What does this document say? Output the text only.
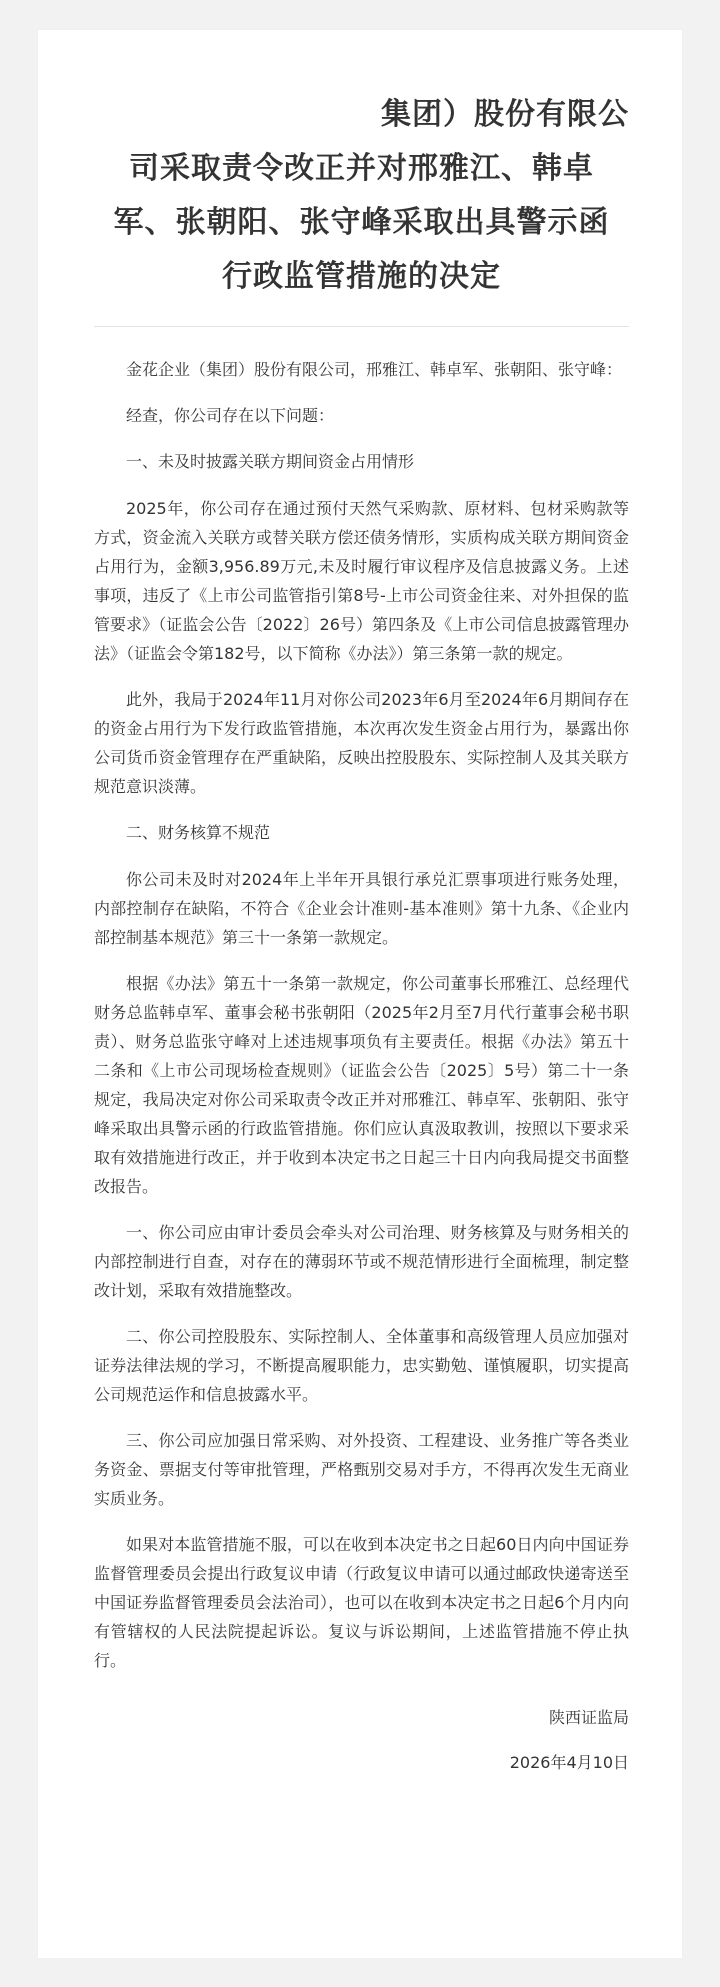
集团）股份有限公
司采取责令改正并对邢雅江、韩卓
军、张朝阳、张守峰采取出具警示函
行政监管措施的决定

金花企业（集团）股份有限公司，邢雅江、韩卓军、张朝阳、张守峰：

经查，你公司存在以下问题：

一、未及时披露关联方期间资金占用情形

2025年，你公司存在通过预付天然气采购款、原材料、包材采购款等方式，资金流入关联方或替关联方偿还债务情形，实质构成关联方期间资金占用行为，金额3,956.89万元,未及时履行审议程序及信息披露义务。上述事项，违反了《上市公司监管指引第8号-上市公司资金往来、对外担保的监管要求》（证监会公告〔2022〕26号）第四条及《上市公司信息披露管理办法》（证监会令第182号，以下简称《办法》）第三条第一款的规定。

此外，我局于2024年11月对你公司2023年6月至2024年6月期间存在的资金占用行为下发行政监管措施，本次再次发生资金占用行为，暴露出你公司货币资金管理存在严重缺陷，反映出控股股东、实际控制人及其关联方规范意识淡薄。

二、财务核算不规范

你公司未及时对2024年上半年开具银行承兑汇票事项进行账务处理，内部控制存在缺陷，不符合《企业会计准则-基本准则》第十九条、《企业内部控制基本规范》第三十一条第一款规定。

根据《办法》第五十一条第一款规定，你公司董事长邢雅江、总经理代财务总监韩卓军、董事会秘书张朝阳（2025年2月至7月代行董事会秘书职责）、财务总监张守峰对上述违规事项负有主要责任。根据《办法》第五十二条和《上市公司现场检查规则》（证监会公告〔2025〕5号）第二十一条规定，我局决定对你公司采取责令改正并对邢雅江、韩卓军、张朝阳、张守峰采取出具警示函的行政监管措施。你们应认真汲取教训，按照以下要求采取有效措施进行改正，并于收到本决定书之日起三十日内向我局提交书面整改报告。

一、你公司应由审计委员会牵头对公司治理、财务核算及与财务相关的内部控制进行自查，对存在的薄弱环节或不规范情形进行全面梳理，制定整改计划，采取有效措施整改。

二、你公司控股股东、实际控制人、全体董事和高级管理人员应加强对证券法律法规的学习，不断提高履职能力，忠实勤勉、谨慎履职，切实提高公司规范运作和信息披露水平。

三、你公司应加强日常采购、对外投资、工程建设、业务推广等各类业务资金、票据支付等审批管理，严格甄别交易对手方，不得再次发生无商业实质业务。

如果对本监管措施不服，可以在收到本决定书之日起60日内向中国证券监督管理委员会提出行政复议申请（行政复议申请可以通过邮政快递寄送至中国证券监督管理委员会法治司），也可以在收到本决定书之日起6个月内向有管辖权的人民法院提起诉讼。复议与诉讼期间，上述监管措施不停止执行。

陕西证监局

2026年4月10日
